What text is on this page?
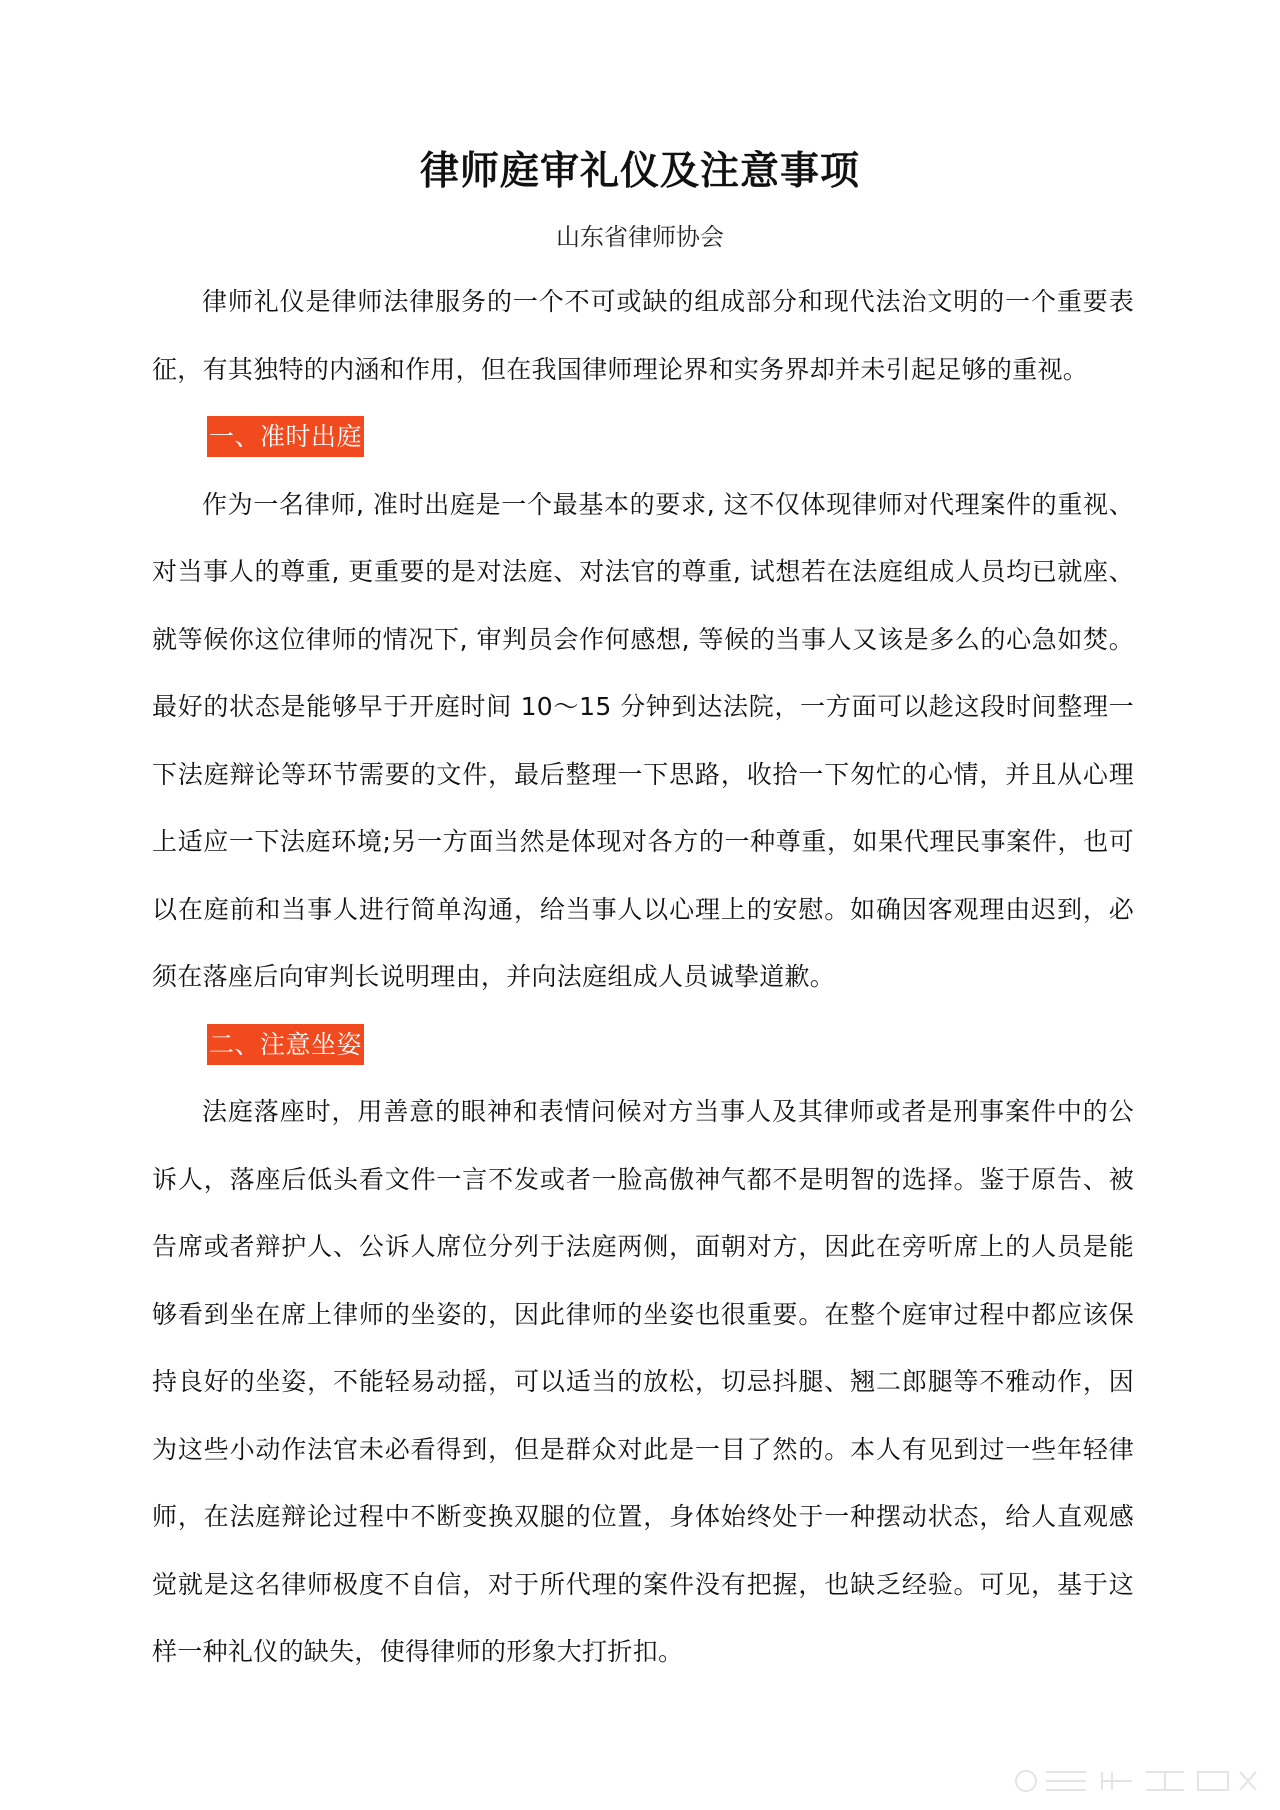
律师庭审礼仪及注意事项
山东省律师协会

律师礼仪是律师法律服务的一个不可或缺的组成部分和现代法治文明的一个重要表征，有其独特的内涵和作用，但在我国律师理论界和实务界却并未引起足够的重视。

一、准时出庭

作为一名律师, 准时出庭是一个最基本的要求, 这不仅体现律师对代理案件的重视、对当事人的尊重, 更重要的是对法庭、对法官的尊重, 试想若在法庭组成人员均已就座、就等候你这位律师的情况下, 审判员会作何感想, 等候的当事人又该是多么的心急如焚。最好的状态是能够早于开庭时间 10～15 分钟到达法院，一方面可以趁这段时间整理一下法庭辩论等环节需要的文件，最后整理一下思路，收拾一下匆忙的心情，并且从心理上适应一下法庭环境;另一方面当然是体现对各方的一种尊重，如果代理民事案件，也可以在庭前和当事人进行简单沟通，给当事人以心理上的安慰。如确因客观理由迟到，必须在落座后向审判长说明理由，并向法庭组成人员诚挚道歉。

二、注意坐姿

法庭落座时，用善意的眼神和表情问候对方当事人及其律师或者是刑事案件中的公诉人，落座后低头看文件一言不发或者一脸高傲神气都不是明智的选择。鉴于原告、被告席或者辩护人、公诉人席位分列于法庭两侧，面朝对方，因此在旁听席上的人员是能够看到坐在席上律师的坐姿的，因此律师的坐姿也很重要。在整个庭审过程中都应该保持良好的坐姿，不能轻易动摇，可以适当的放松，切忌抖腿、翘二郎腿等不雅动作，因为这些小动作法官未必看得到，但是群众对此是一目了然的。本人有见到过一些年轻律师，在法庭辩论过程中不断变换双腿的位置，身体始终处于一种摆动状态，给人直观感觉就是这名律师极度不自信，对于所代理的案件没有把握，也缺乏经验。可见，基于这样一种礼仪的缺失，使得律师的形象大打折扣。
